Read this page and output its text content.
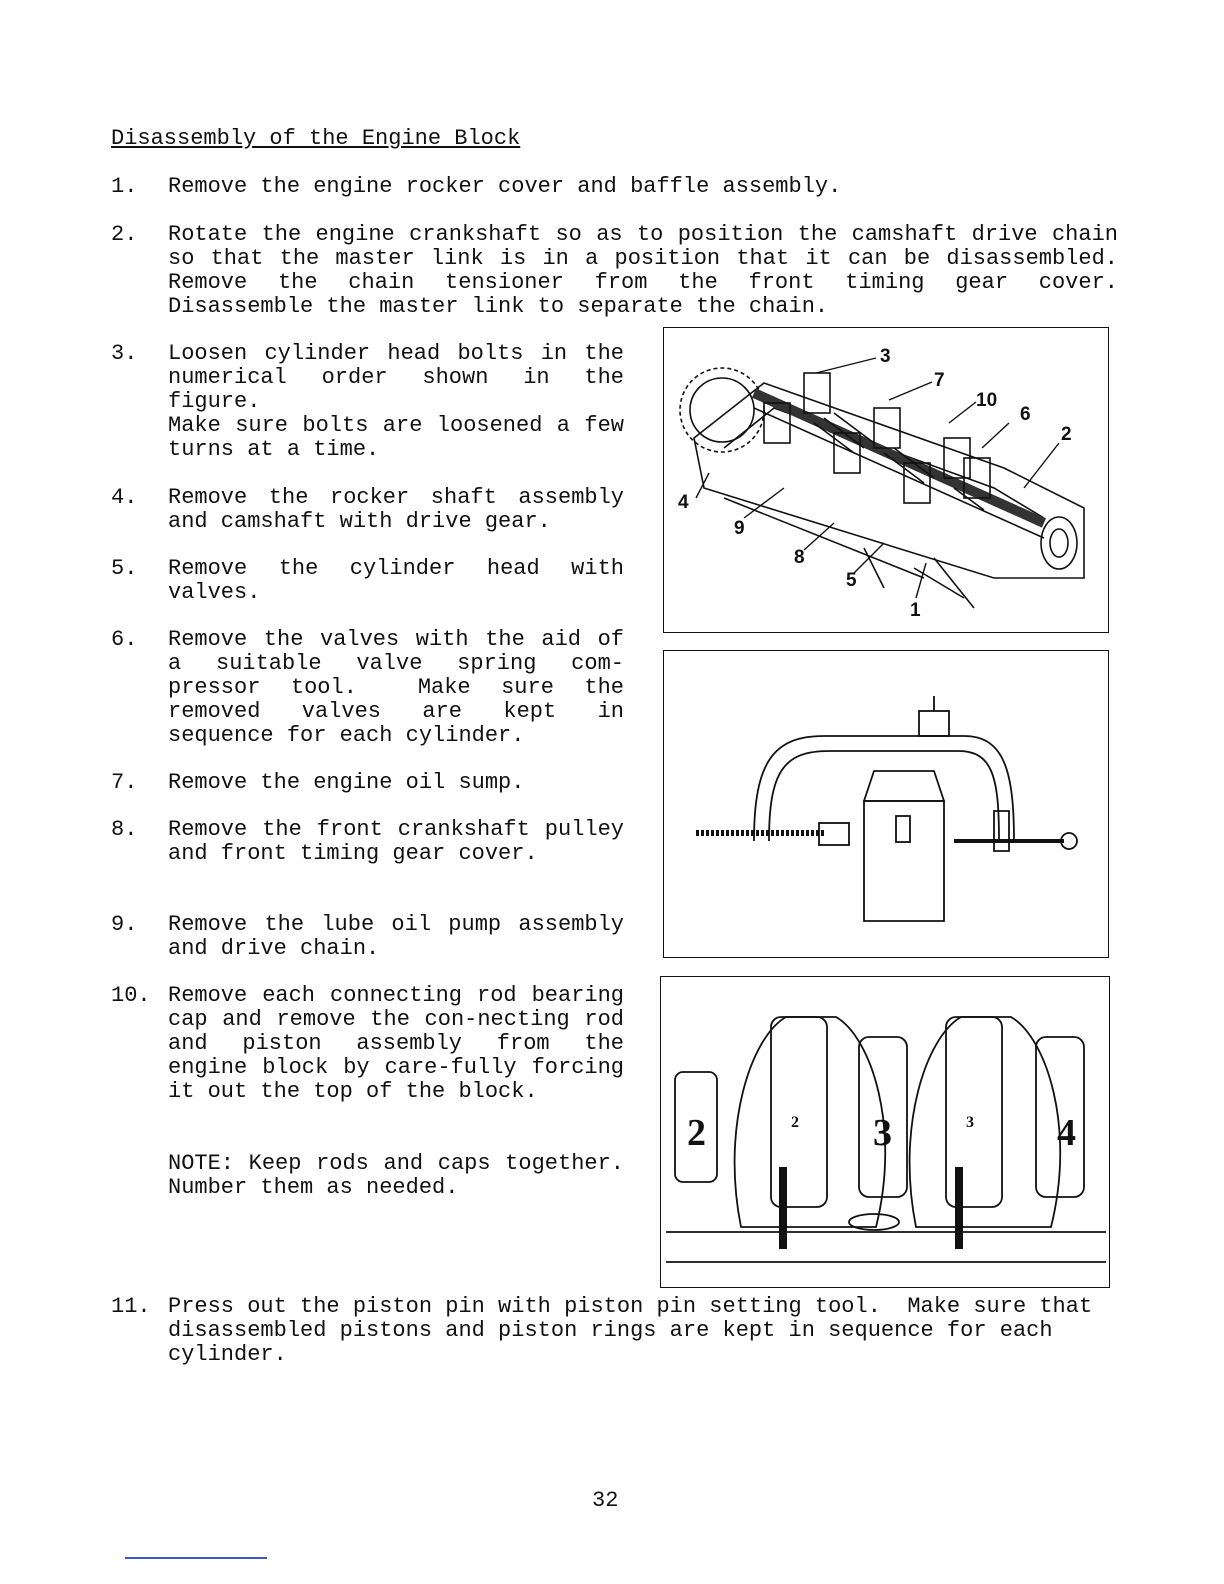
Disassembly of the Engine Block
1. Remove the engine rocker cover and baffle assembly.
2. Rotate the engine crankshaft so as to position the camshaft drive chain so that the master link is in a position that it can be disassembled.  Remove the chain tensioner from the front timing gear cover.  Disassemble the master link to separate the chain.
3. Loosen cylinder head bolts in the numerical order shown in the figure.
Make sure bolts are loosened a few turns at a time.
4. Remove the rocker shaft assembly and camshaft with drive gear.
5. Remove the cylinder head with valves.
6. Remove the valves with the aid of a suitable valve spring com-pressor tool.  Make sure the removed valves are kept in sequence for each cylinder.
7. Remove the engine oil sump.
8. Remove the front crankshaft pulley and front timing gear cover.
9. Remove the lube oil pump assembly and drive chain.
10. Remove each connecting rod bearing cap and remove the con-necting rod and piston assembly from the engine block by care-fully forcing it out the top of the block.
NOTE: Keep rods and caps together. Number them as needed.
11. Press out the piston pin with piston pin setting tool.  Make sure that disassembled pistons and piston rings are kept in sequence for each cylinder.
3
7
10
6
2
4
9
8
5
1
2	2 3	3 4
32
